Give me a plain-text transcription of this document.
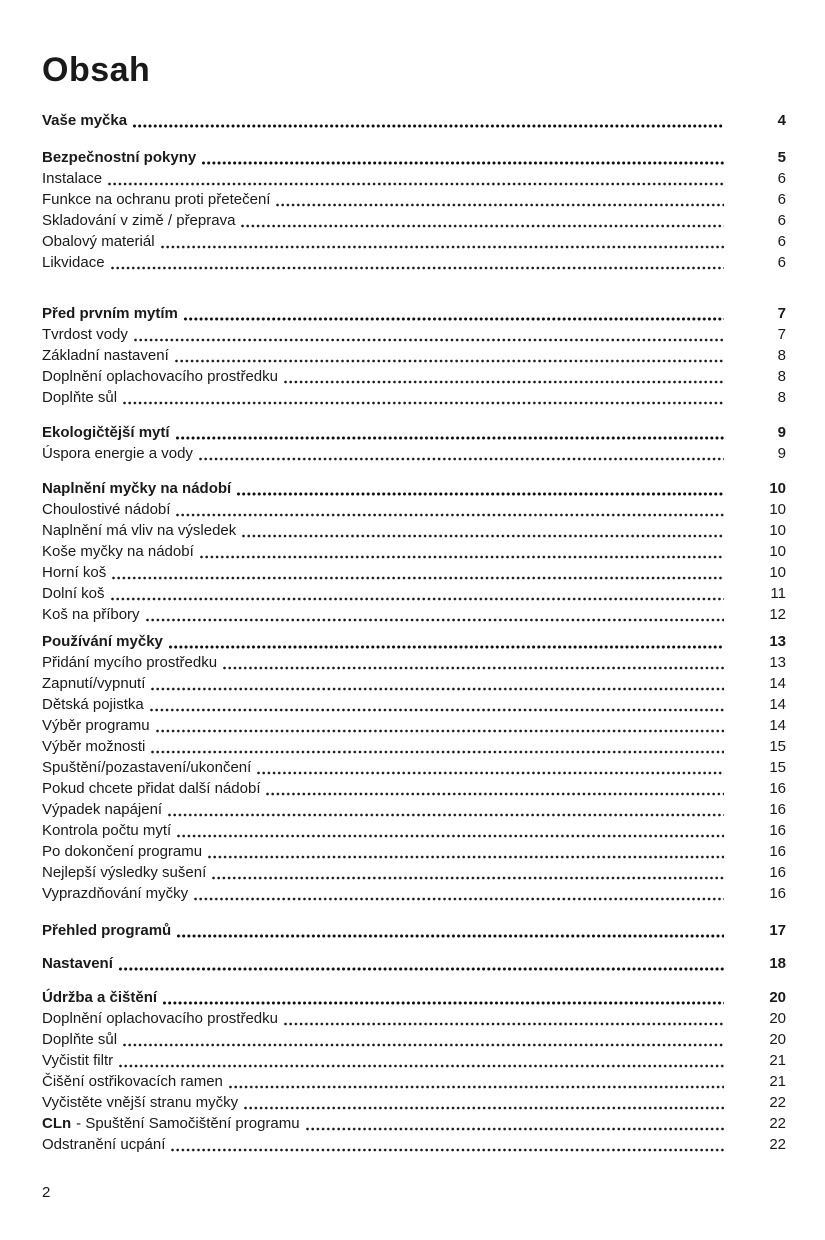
Obsah
Vaše myčka	4
Bezpečnostní pokyny	5
Instalace	6
Funkce na ochranu proti přetečení	6
Skladování v zimě / přeprava	6
Obalový materiál	6
Likvidace	6
Před prvním mytím	7
Tvrdost vody	7
Základní nastavení	8
Doplnění oplachovacího prostředku	8
Doplňte sůl	8
Ekologičtější mytí	9
Úspora energie a vody	9
Naplnění myčky na nádobí	10
Choulostivé nádobí	10
Naplnění má vliv na výsledek	10
Koše myčky na nádobí	10
Horní koš	10
Dolní koš	11
Koš na příbory	12
Používání myčky	13
Přidání mycího prostředku	13
Zapnutí/vypnutí	14
Dětská pojistka	14
Výběr programu	14
Výběr možnosti	15
Spuštění/pozastavení/ukončení	15
Pokud chcete přidat další nádobí	16
Výpadek napájení	16
Kontrola počtu mytí	16
Po dokončení programu	16
Nejlepší výsledky sušení	16
Vyprazdňování myčky	16
Přehled programů	17
Nastavení	18
Údržba a čištění	20
Doplnění oplachovacího prostředku	20
Doplňte sůl	20
Vyčistit filtr	21
Čišění ostřikovacích ramen	21
Vyčistěte vnější stranu myčky	22
CLn - Spuštění Samočištění programu	22
Odstranění ucpání	22
2
